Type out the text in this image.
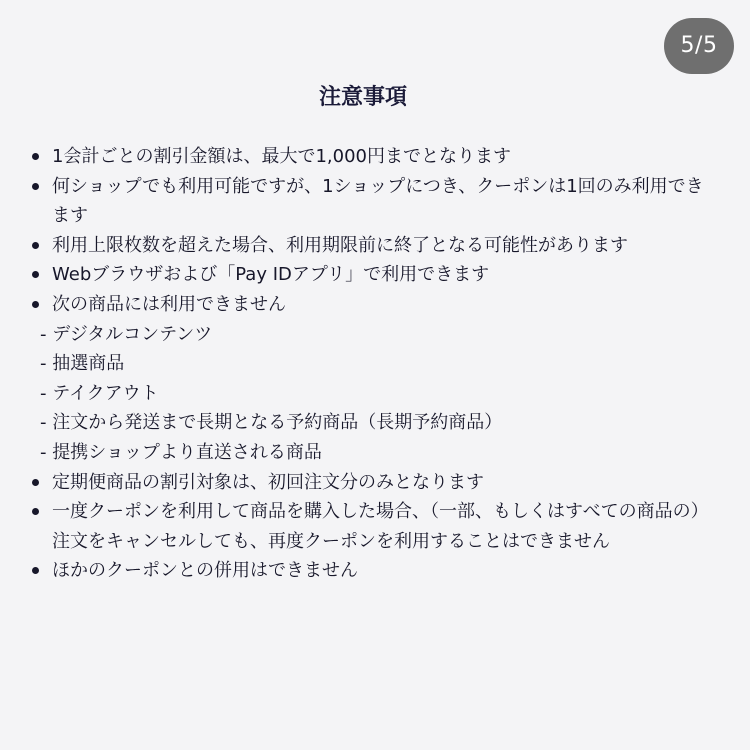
5/5
注意事項
1会計ごとの割引金額は、最大で1,000円までとなります
何ショップでも利用可能ですが、1ショップにつき、クーポンは1回のみ利用できます
利用上限枚数を超えた場合、利用期限前に終了となる可能性があります
Webブラウザおよび「Pay IDアプリ」で利用できます
次の商品には利用できません
- デジタルコンテンツ
- 抽選商品
- テイクアウト
- 注文から発送まで長期となる予約商品（長期予約商品）
- 提携ショップより直送される商品
定期便商品の割引対象は、初回注文分のみとなります
一度クーポンを利用して商品を購入した場合、（一部、もしくはすべての商品の）注文をキャンセルしても、再度クーポンを利用することはできません
ほかのクーポンとの併用はできません
